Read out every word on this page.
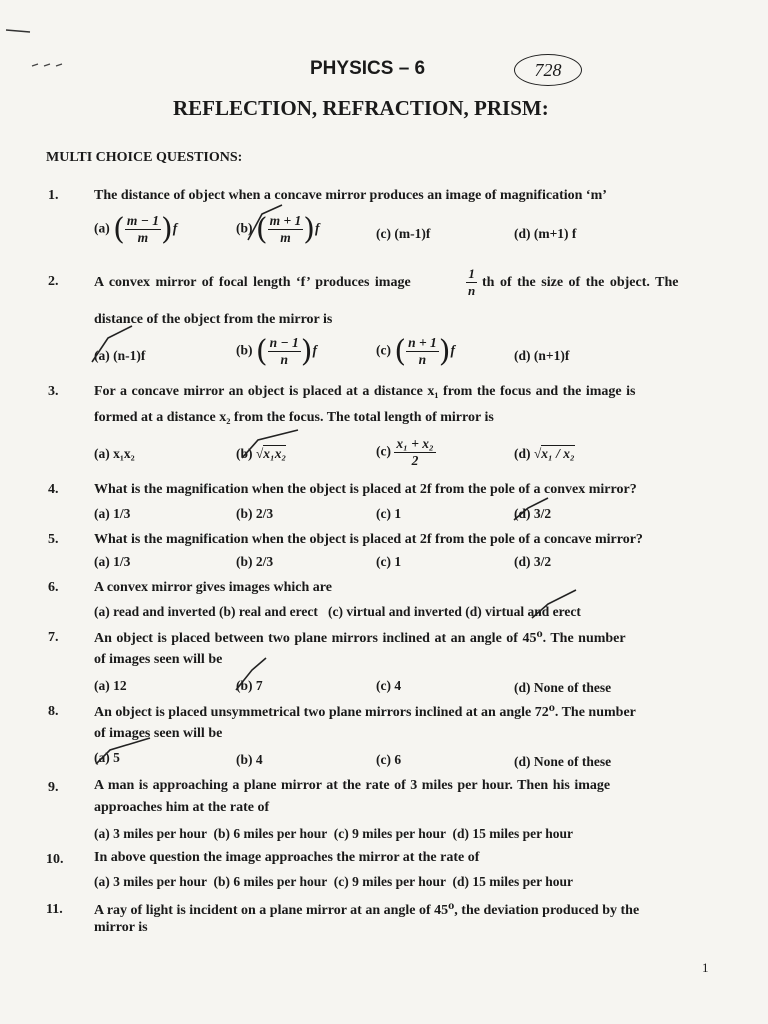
PHYSICS – 6	728
REFLECTION, REFRACTION, PRISM:
MULTI CHOICE QUESTIONS:
1.	The distance of object when a concave mirror produces an image of magnification ‘m’
(a) ( $\frac{m - 1}{m} )f$	(b) ( $\frac{m + 1}{m} )f$	(c) (m-1)f	(d) (m+1) f
2.	A convex mirror of focal length ‘f’ produces image	$\frac{1}{n}$ th of the size of the object. The
distance of the object from the mirror is
(a) (n-1)f	(b) ( $\frac{n - 1}{n} )f$	(c) ( $\frac{n + 1}{n} )f$	(d) (n+1)f
3.	For a concave mirror an object is placed at a distance x₁ from the focus and the image is
formed at a distance x₂ from the focus. The total length of mirror is
(a) x₁x₂	(b) √x₁x₂	$(c) \frac{\text{x₁ + x₂}}{2}$	(d) √x₁ / x₂
4.	What is the magnification when the object is placed at 2f from the pole of a convex mirror?
(a) 1/3	(b) 2/3	(c) 1	(d) 3/2
5.	What is the magnification when the object is placed at 2f from the pole of a concave mirror?
(a) 1/3	(b) 2/3	(c) 1	(d) 3/2
6.	A convex mirror gives images which are
(a) read and inverted (b) real and erect   (c) virtual and inverted (d) virtual and erect
7.	An object is placed between two plane mirrors inclined at an angle of 45⁰. The number
of images seen will be
(a) 12	(b) 7	(c) 4	(d) None of these
8.	An object is placed unsymmetrical two plane mirrors inclined at an angle 72⁰. The number
of images seen will be
(a) 5	(b) 4	(c) 6	(d) None of these
9.	A man is approaching a plane mirror at the rate of 3 miles per hour. Then his image
approaches him at the rate of
(a) 3 miles per hour  (b) 6 miles per hour  (c) 9 miles per hour  (d) 15 miles per hour
10. In above question the image approaches the mirror at the rate of
(a) 3 miles per hour  (b) 6 miles per hour  (c) 9 miles per hour  (d) 15 miles per hour
11. A ray of light is incident on a plane mirror at an angle of 45⁰, the deviation produced by the
mirror is
1
